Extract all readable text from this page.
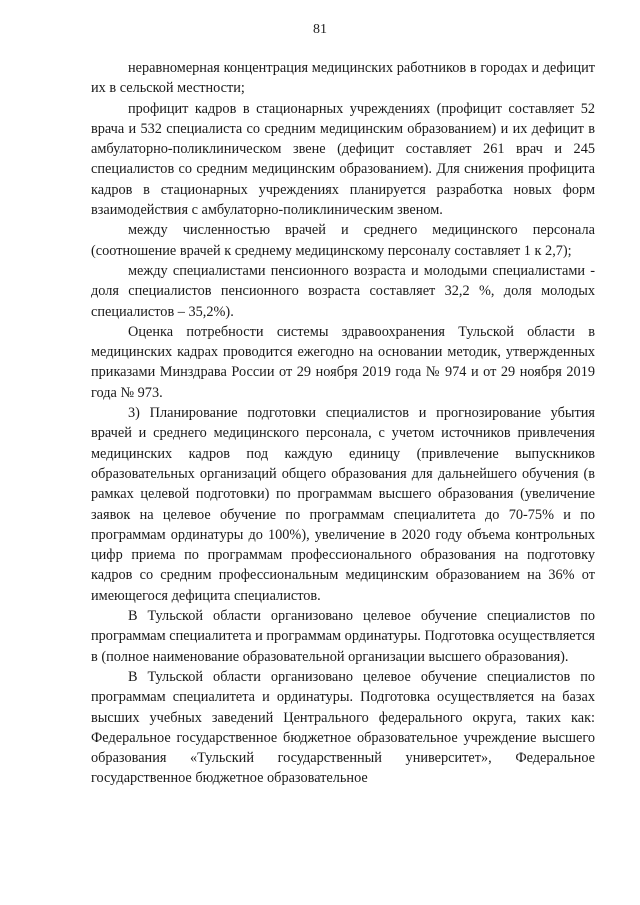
81

неравномерная концентрация медицинских работников в городах и дефицит их в сельской местности;

профицит кадров в стационарных учреждениях (профицит составляет 52 врача и 532 специалиста со средним медицинским образованием) и их дефицит в амбулаторно-поликлиническом звене (дефицит составляет 261 врач и 245 специалистов со средним медицинским образованием). Для снижения профицита кадров в стационарных учреждениях планируется разработка новых форм взаимодействия с амбулаторно-поликлиническим звеном.

между численностью врачей и среднего медицинского персонала (соотношение врачей к среднему медицинскому персоналу составляет 1 к 2,7);

между специалистами пенсионного возраста и молодыми специалистами - доля специалистов пенсионного возраста составляет 32,2 %, доля молодых специалистов – 35,2%).

Оценка потребности системы здравоохранения Тульской области в медицинских кадрах проводится ежегодно на основании методик, утвержденных приказами Минздрава России от 29 ноября 2019 года № 974 и от 29 ноября 2019 года № 973.

3) Планирование подготовки специалистов и прогнозирование убытия врачей и среднего медицинского персонала, с учетом источников привлечения медицинских кадров под каждую единицу (привлечение выпускников образовательных организаций общего образования для дальнейшего обучения (в рамках целевой подготовки) по программам высшего образования (увеличение заявок на целевое обучение по программам специалитета до 70-75% и по программам ординатуры до 100%), увеличение в 2020 году объема контрольных цифр приема по программам профессионального образования на подготовку кадров со средним профессиональным медицинским образованием на 36% от имеющегося дефицита специалистов.

В Тульской области организовано целевое обучение специалистов по программам специалитета и программам ординатуры. Подготовка осуществляется в (полное наименование образовательной организации высшего образования).

В Тульской области организовано целевое обучение специалистов по программам специалитета и ординатуры. Подготовка осуществляется на базах высших учебных заведений Центрального федерального округа, таких как: Федеральное государственное бюджетное образовательное учреждение высшего образования «Тульский государственный университет», Федеральное государственное бюджетное образовательное
